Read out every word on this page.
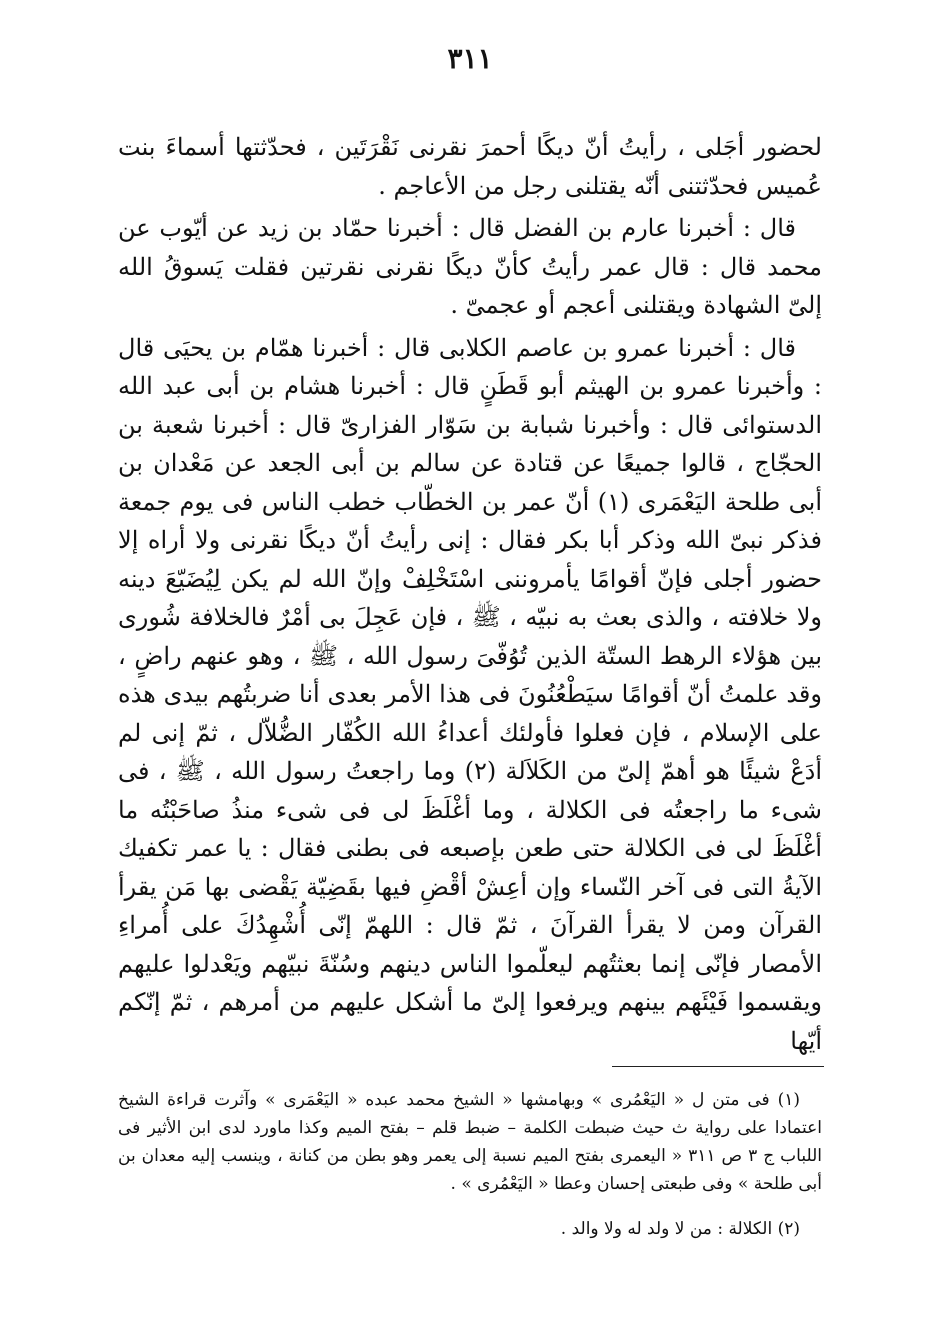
٣١١

لحضور أجَلى ، رأيتُ أنّ ديكًا أحمرَ نقرنى نَقْرَتَين ، فحدّثتها أسماءَ بنت عُميس فحدّثتنى أنّه يقتلنى رجل من الأعاجم .

قال : أخبرنا عارم بن الفضل قال : أخبرنا حمّاد بن زيد عن أيّوب عن محمد قال : قال عمر رأيتُ كأنّ ديكًا نقرنى نقرتين فقلت يَسوقُ الله إلىّ الشهادة ويقتلنى أعجم أو عجمىّ .

قال : أخبرنا عمرو بن عاصم الكلابى قال : أخبرنا همّام بن يحيَى قال : وأخبرنا عمرو بن الهيثم أبو قَطَنٍ قال : أخبرنا هشام بن أبى عبد الله الدستوائى قال : وأخبرنا شبابة بن سَوّار الفزارىّ قال : أخبرنا شعبة بن الحجّاج ، قالوا جميعًا عن قتادة عن سالم بن أبى الجعد عن مَعْدان بن أبى طلحة اليَعْمَرى (١) أنّ عمر بن الخطّاب خطب الناس فى يوم جمعة فذكر نبىّ الله وذكر أبا بكر فقال : إنى رأيتُ أنّ ديكًا نقرنى ولا أراه إلا حضور أجلى فإنّ أقوامًا يأمروننى اسْتَخْلِفْ وإنّ الله لم يكن لِيُضَيّعَ دينه ولا خلافته ، والذى بعث به نبيّه ، ﷺ ، فإن عَجِلَ بى أمْرٌ فالخلافة شُورى بين هؤلاء الرهط الستّة الذين تُوُفّىَ رسول الله ، ﷺ ، وهو عنهم راضٍ ، وقد علمتُ أنّ أقوامًا سيَطْعُنُونَ فى هذا الأمر بعدى أنا ضربتُهم بيدى هذه على الإسلام ، فإن فعلوا فأولئك أعداءُ الله الكُفّار الضُّلاّل ، ثمّ إنى لم أدَعْ شيئًا هو أهمّ إلىّ من الكَلاَلة (٢) وما راجعتُ رسول الله ، ﷺ ، فى شىء ما راجعتُه فى الكلالة ، وما أغْلَظَ لى فى شىء منذُ صاحَبْتُه ما أغْلَظَ لى فى الكلالة حتى طعن بإصبعه فى بطنى فقال : يا عمر تكفيك الآيةُ التى فى آخر النّساء وإن أعِشْ أقْضِ فيها بقَضِيّة يَقْضى بها مَن يقرأ القرآن ومن لا يقرأ القرآنَ ، ثمّ قال : اللهمّ إنّى أُشْهِدُكَ على أُمراءِ الأمصار فإنّى إنما بعثتُهم ليعلّموا الناس دينهم وسُنّةَ نبيّهم ويَعْدلوا عليهم ويقسموا فَيْئَهم بينهم ويرفعوا إلىّ ما أشكل عليهم من أمرهم ، ثمّ إنّكم أيّها

(١) فى متن ل « اليَعْمُرى » وبهامشها « الشيخ محمد عبده « اليَعْمَرى » وآثرت قراءة الشيخ اعتمادا على رواية ث حيث ضبطت الكلمة – ضبط قلم – بفتح الميم وكذا ماورد لدى ابن الأثير فى اللباب ج ٣ ص ٣١١ « اليعمرى بفتح الميم نسبة إلى يعمر وهو بطن من كنانة ، وينسب إليه معدان بن أبى طلحة » وفى طبعتى إحسان وعطا « اليَعْمُرى » .

(٢) الكلالة : من لا ولد له ولا والد .
